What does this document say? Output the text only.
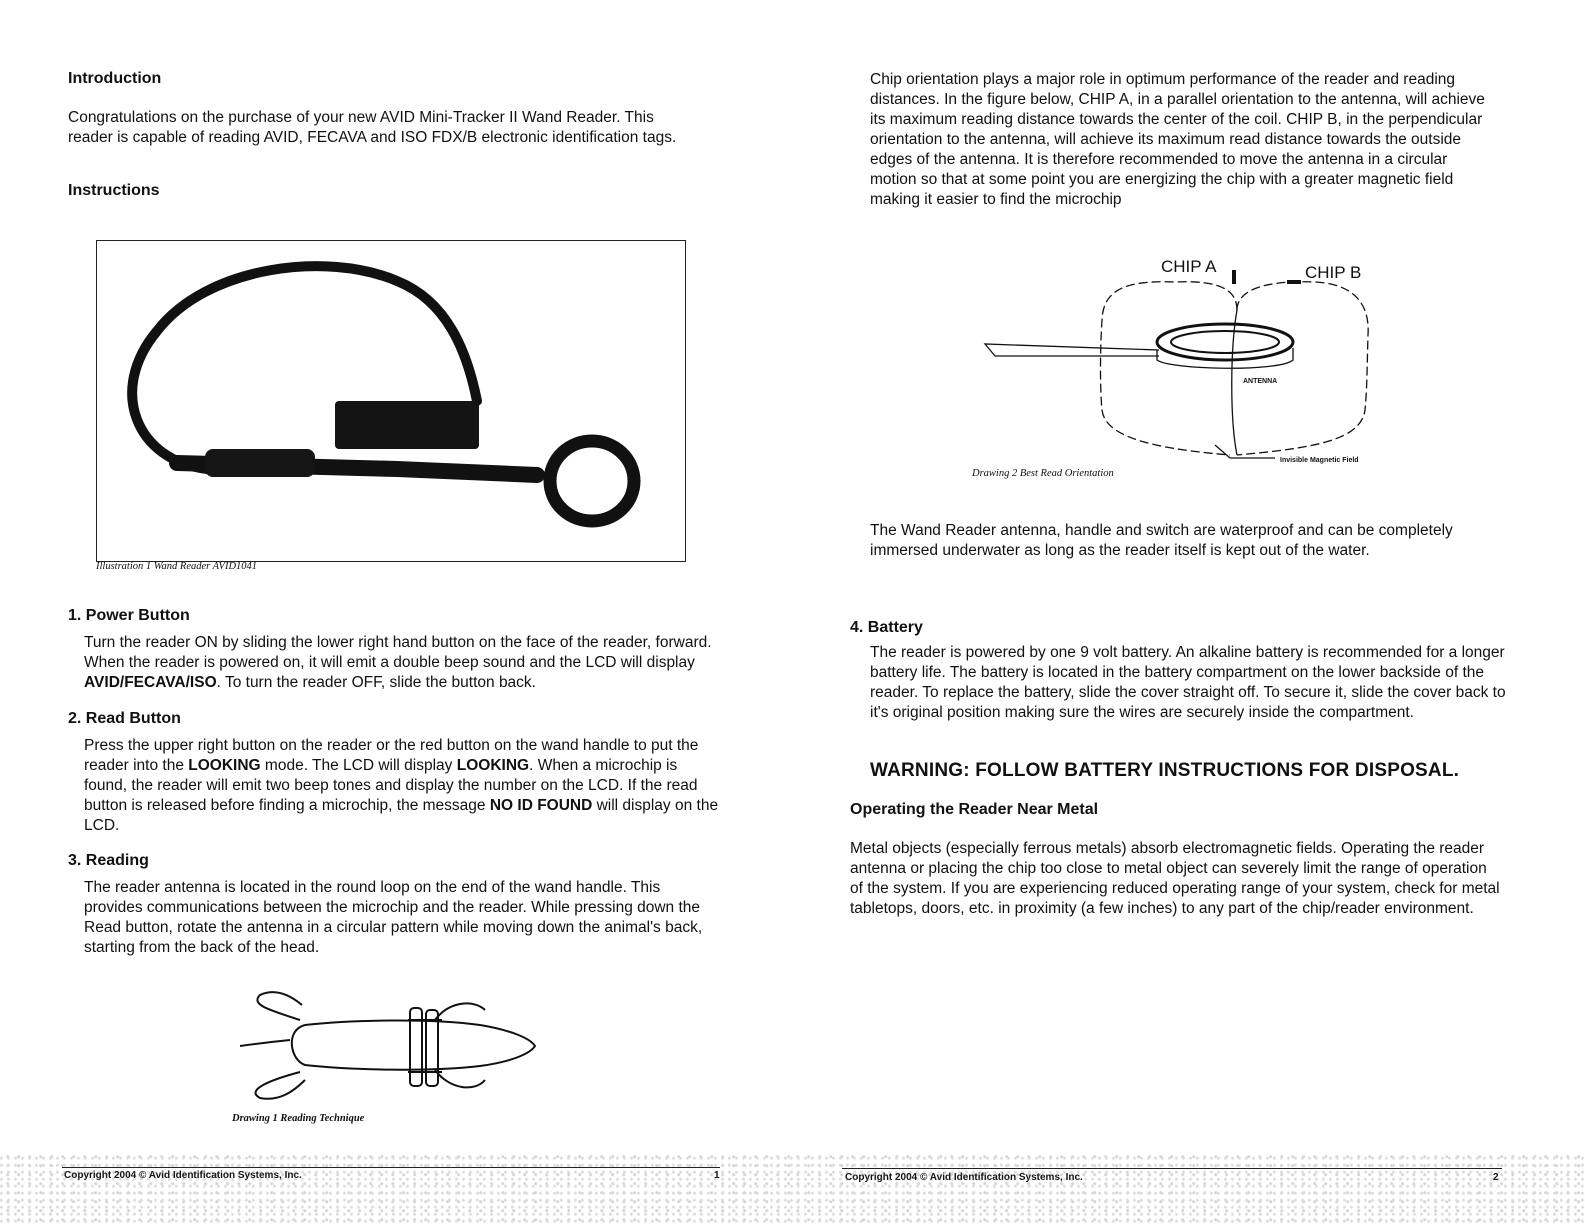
Introduction
Congratulations on the purchase of your new AVID Mini-Tracker II Wand Reader. This reader is capable of reading AVID, FECAVA and ISO FDX/B electronic identification tags.
Instructions
Illustration 1 Wand Reader AVID1041
1. Power Button
Turn the reader ON by sliding the lower right hand button on the face of the reader, forward. When the reader is powered on, it will emit a double beep sound and the LCD will display AVID/FECAVA/ISO. To turn the reader OFF, slide the button back.
2. Read Button
Press the upper right button on the reader or the red button on the wand handle to put the reader into the LOOKING mode. The LCD will display LOOKING. When a microchip is found, the reader will emit two beep tones and display the number on the LCD. If the read button is released before finding a microchip, the message NO ID FOUND will display on the LCD.
3. Reading
The reader antenna is located in the round loop on the end of the wand handle. This provides communications between the microchip and the reader. While pressing down the Read button, rotate the antenna in a circular pattern while moving down the animal's back, starting from the back of the head.
Drawing 1 Reading Technique
Copyright 2004 © Avid Identification Systems, Inc.	1
Chip orientation plays a major role in optimum performance of the reader and reading distances. In the figure below, CHIP A, in a parallel orientation to the antenna, will achieve its maximum reading distance towards the center of the coil. CHIP B, in the perpendicular orientation to the antenna, will achieve its maximum read distance towards the outside edges of the antenna. It is therefore recommended to move the antenna in a circular motion so that at some point you are energizing the chip with a greater magnetic field making it easier to find the microchip
CHIP A	CHIP B
ANTENNA
Invisible Magnetic Field
Drawing 2 Best Read Orientation
The Wand Reader antenna, handle and switch are waterproof and can be completely immersed underwater as long as the reader itself is kept out of the water.
4. Battery
The reader is powered by one 9 volt battery. An alkaline battery is recommended for a longer battery life. The battery is located in the battery compartment on the lower backside of the reader. To replace the battery, slide the cover straight off. To secure it, slide the cover back to it's original position making sure the wires are securely inside the compartment.
WARNING: FOLLOW BATTERY INSTRUCTIONS FOR DISPOSAL.
Operating the Reader Near Metal
Metal objects (especially ferrous metals) absorb electromagnetic fields. Operating the reader antenna or placing the chip too close to metal object can severely limit the range of operation of the system. If you are experiencing reduced operating range of your system, check for metal tabletops, doors, etc. in proximity (a few inches) to any part of the chip/reader environment.
Copyright 2004 © Avid Identification Systems, Inc.	2
